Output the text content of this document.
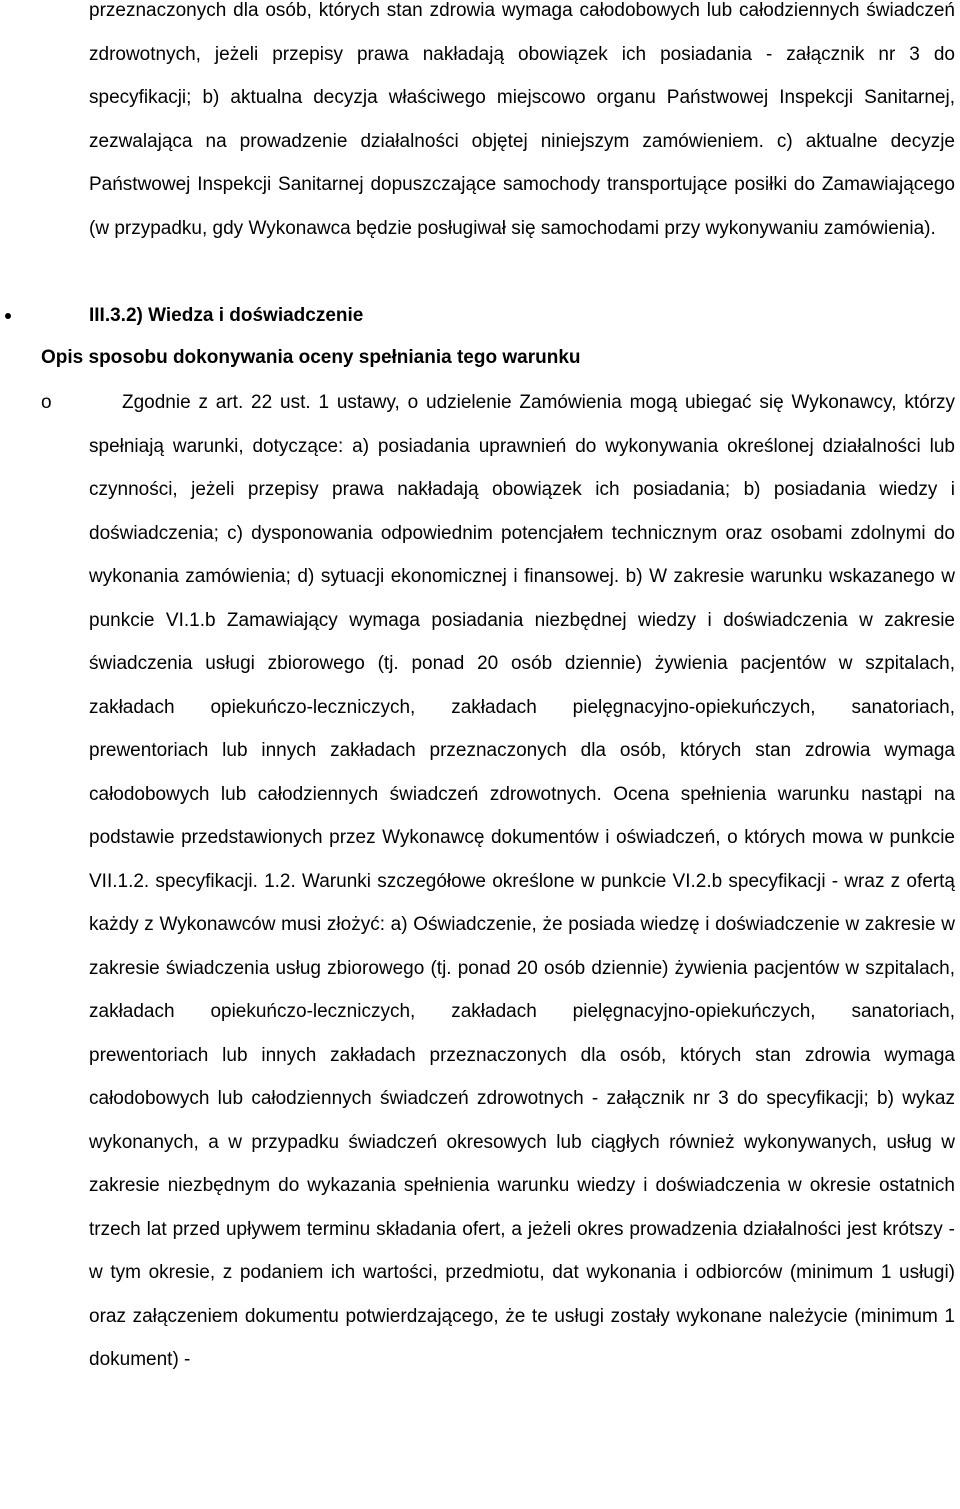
przeznaczonych dla osób, których stan zdrowia wymaga całodobowych lub całodziennych świadczeń zdrowotnych, jeżeli przepisy prawa nakładają obowiązek ich posiadania - załącznik nr 3 do specyfikacji; b) aktualna decyzja właściwego miejscowo organu Państwowej Inspekcji Sanitarnej, zezwalająca na prowadzenie działalności objętej niniejszym zamówieniem. c) aktualne decyzje Państwowej Inspekcji Sanitarnej dopuszczające samochody transportujące posiłki do Zamawiającego (w przypadku, gdy Wykonawca będzie posługiwał się samochodami przy wykonywaniu zamówienia).

III.3.2) Wiedza i doświadczenie

Opis sposobu dokonywania oceny spełniania tego warunku

o	Zgodnie z art. 22 ust. 1 ustawy, o udzielenie Zamówienia mogą ubiegać się Wykonawcy, którzy spełniają warunki, dotyczące: a) posiadania uprawnień do wykonywania określonej działalności lub czynności, jeżeli przepisy prawa nakładają obowiązek ich posiadania; b) posiadania wiedzy i doświadczenia; c) dysponowania odpowiednim potencjałem technicznym oraz osobami zdolnymi do wykonania zamówienia; d) sytuacji ekonomicznej i finansowej. b) W zakresie warunku wskazanego w punkcie VI.1.b Zamawiający wymaga posiadania niezbędnej wiedzy i doświadczenia w zakresie świadczenia usługi zbiorowego (tj. ponad 20 osób dziennie) żywienia pacjentów w szpitalach, zakładach opiekuńczo-leczniczych, zakładach pielęgnacyjno-opiekuńczych, sanatoriach, prewentoriach lub innych zakładach przeznaczonych dla osób, których stan zdrowia wymaga całodobowych lub całodziennych świadczeń zdrowotnych. Ocena spełnienia warunku nastąpi na podstawie przedstawionych przez Wykonawcę dokumentów i oświadczeń, o których mowa w punkcie VII.1.2. specyfikacji. 1.2. Warunki szczegółowe określone w punkcie VI.2.b specyfikacji - wraz z ofertą każdy z Wykonawców musi złożyć: a) Oświadczenie, że posiada wiedzę i doświadczenie w zakresie w zakresie świadczenia usług zbiorowego (tj. ponad 20 osób dziennie) żywienia pacjentów w szpitalach, zakładach opiekuńczo-leczniczych, zakładach pielęgnacyjno-opiekuńczych, sanatoriach, prewentoriach lub innych zakładach przeznaczonych dla osób, których stan zdrowia wymaga całodobowych lub całodziennych świadczeń zdrowotnych - załącznik nr 3 do specyfikacji; b) wykaz wykonanych, a w przypadku świadczeń okresowych lub ciągłych również wykonywanych, usług w zakresie niezbędnym do wykazania spełnienia warunku wiedzy i doświadczenia w okresie ostatnich trzech lat przed upływem terminu składania ofert, a jeżeli okres prowadzenia działalności jest krótszy - w tym okresie, z podaniem ich wartości, przedmiotu, dat wykonania i odbiorców (minimum 1 usługi) oraz załączeniem dokumentu potwierdzającego, że te usługi zostały wykonane należycie (minimum 1 dokument) -
